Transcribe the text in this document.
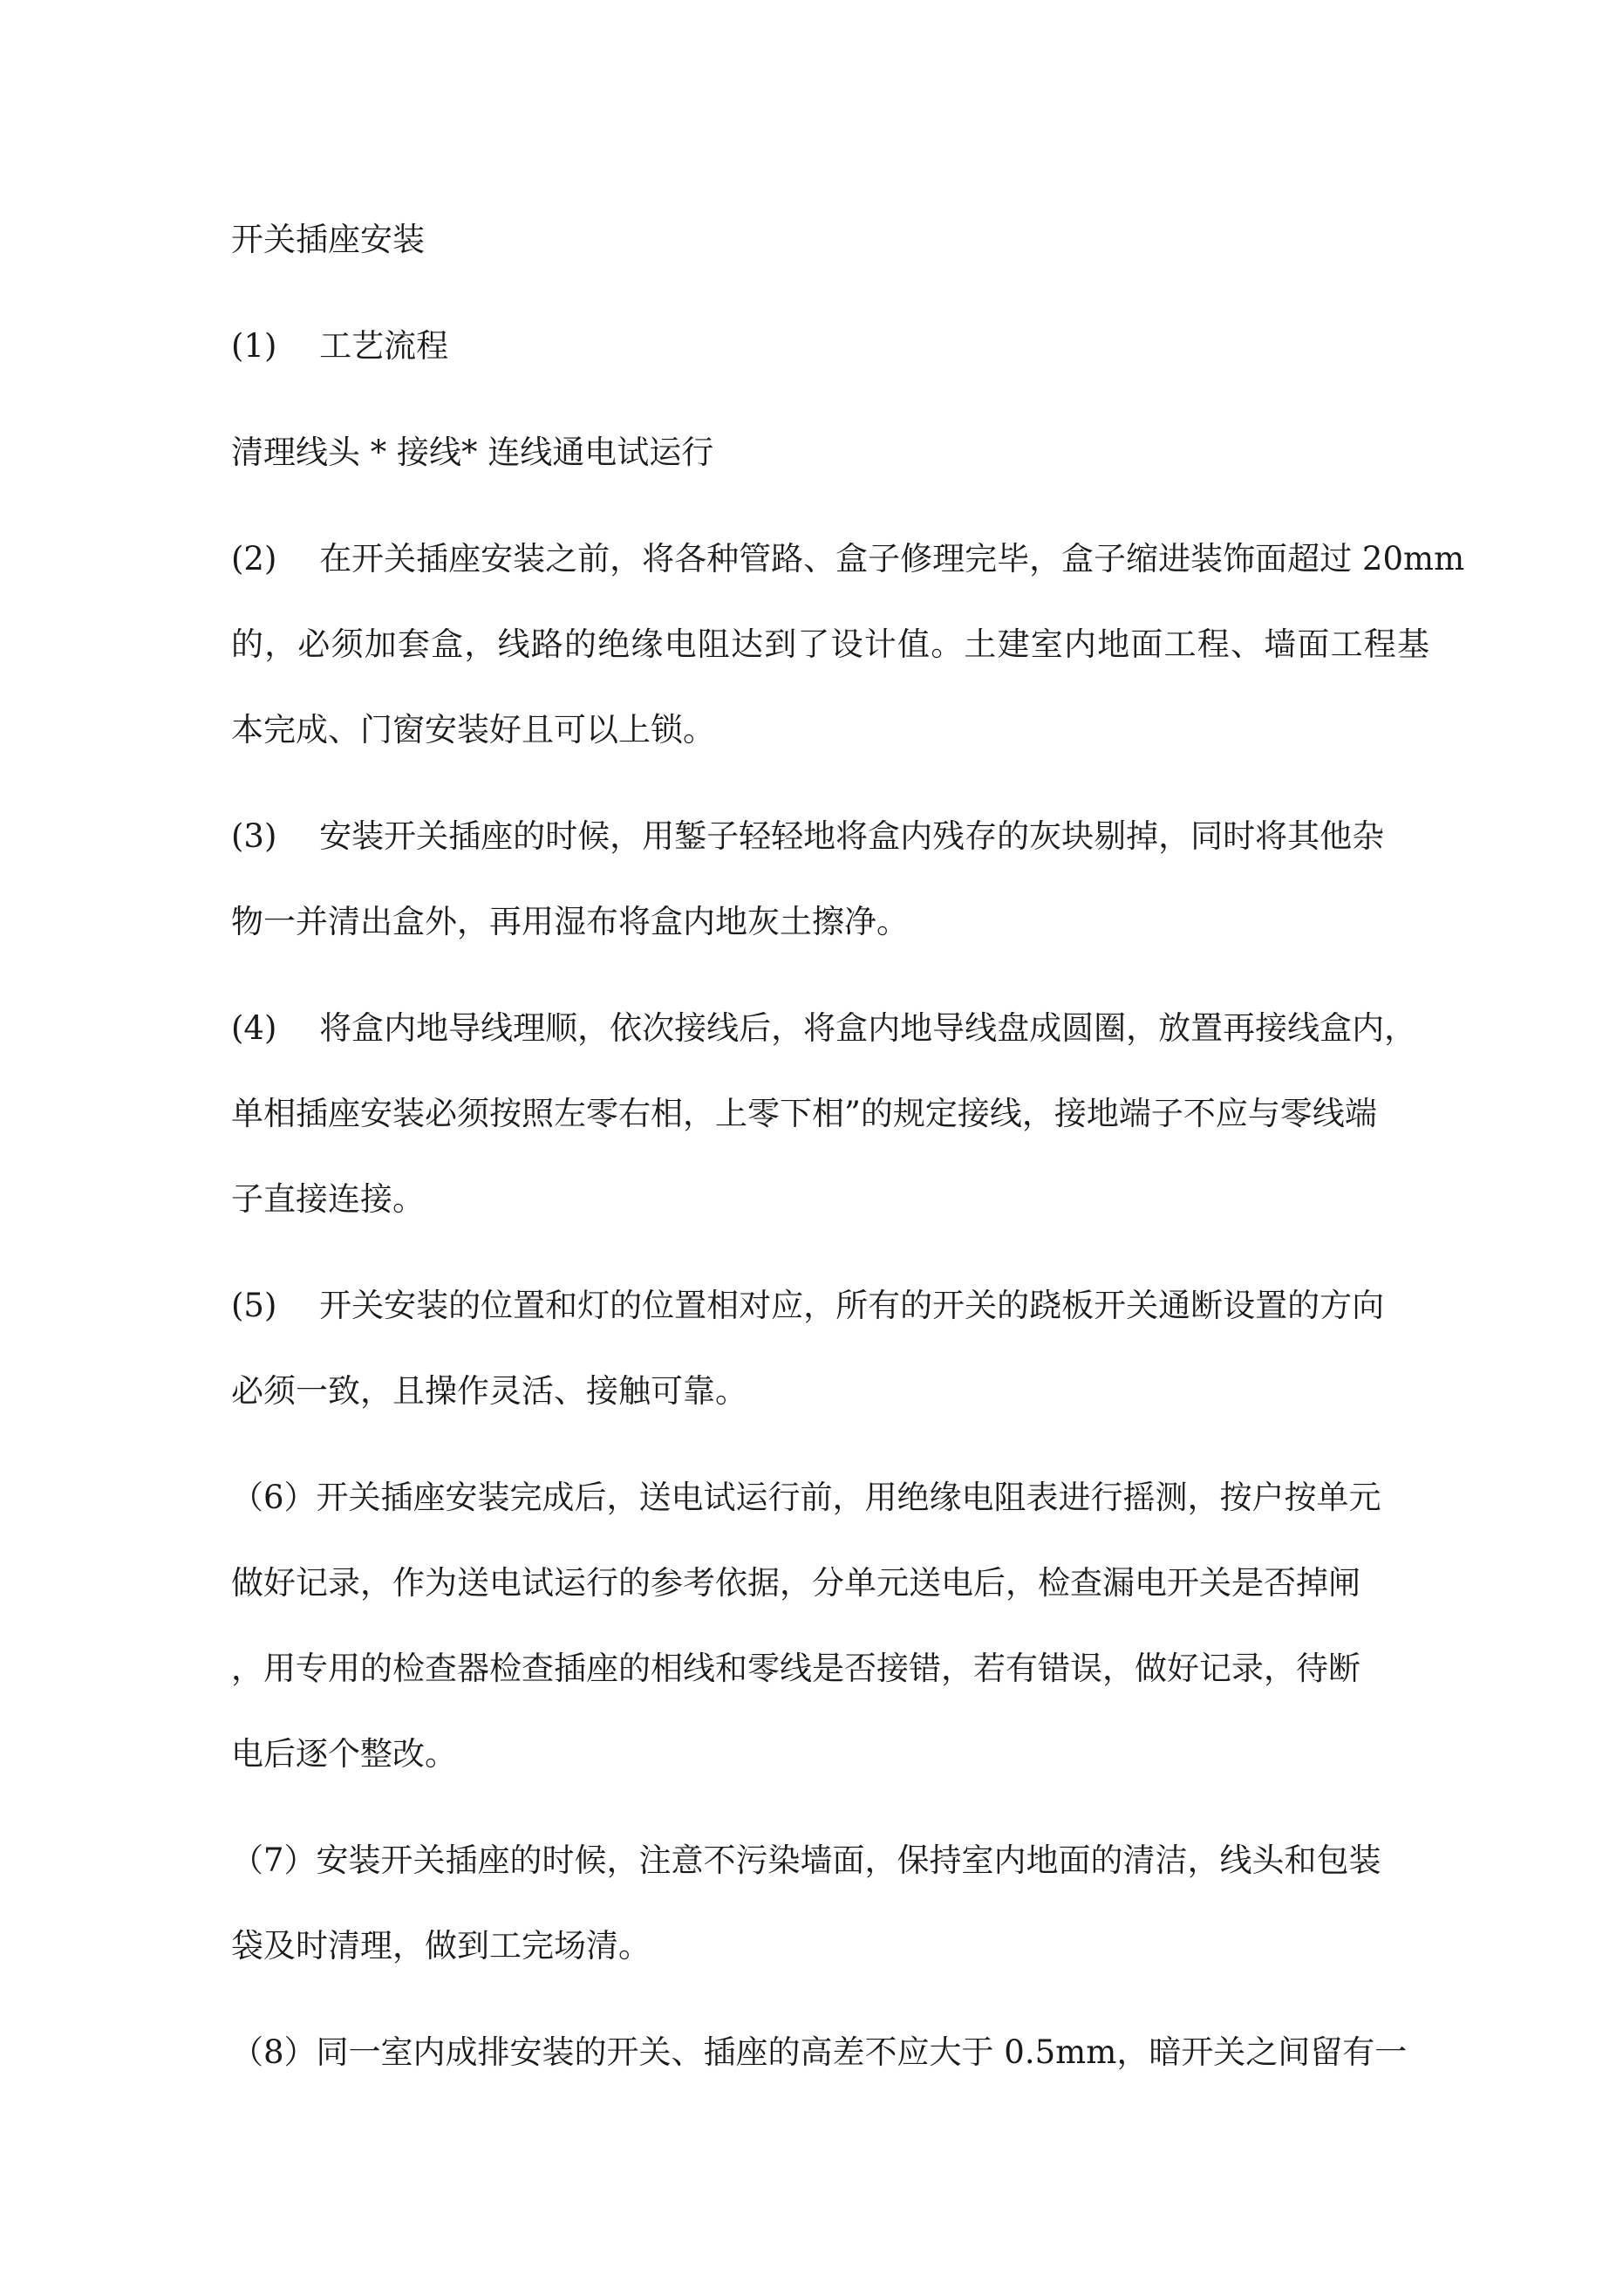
开关插座安装
(1)　 工艺流程
清理线头 * 接线* 连线通电试运行
(2)　 在开关插座安装之前，将各种管路、盒子修理完毕，盒子缩进装饰面超过 20mm
的，必须加套盒，线路的绝缘电阻达到了设计值。土建室内地面工程、墙面工程基
本完成、门窗安装好且可以上锁。
(3)　 安装开关插座的时候，用錾子轻轻地将盒内残存的灰块剔掉，同时将其他杂
物一并清出盒外，再用湿布将盒内地灰土擦净。
(4)　 将盒内地导线理顺，依次接线后，将盒内地导线盘成圆圈，放置再接线盒内，
单相插座安装必须按照左零右相，上零下相”的规定接线，接地端子不应与零线端
子直接连接。
(5)　 开关安装的位置和灯的位置相对应，所有的开关的跷板开关通断设置的方向
必须一致，且操作灵活、接触可靠。
（6）开关插座安装完成后，送电试运行前，用绝缘电阻表进行摇测，按户按单元
做好记录，作为送电试运行的参考依据，分单元送电后，检查漏电开关是否掉闸
，用专用的检查器检查插座的相线和零线是否接错，若有错误，做好记录，待断
电后逐个整改。
（7）安装开关插座的时候，注意不污染墙面，保持室内地面的清洁，线头和包装
袋及时清理，做到工完场清。
（8）同一室内成排安装的开关、插座的高差不应大于 0.5mm，暗开关之间留有一
